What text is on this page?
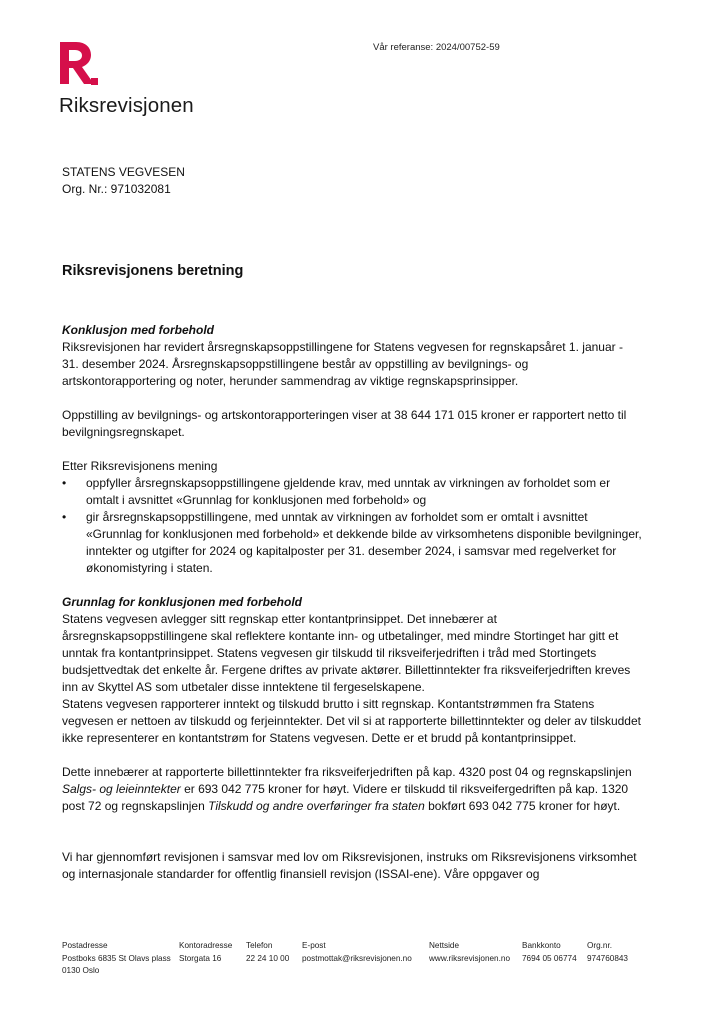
Riksrevisjonen
Vår referanse: 2024/00752-59
STATENS VEGVESEN
Org. Nr.: 971032081
Riksrevisjonens beretning

Konklusjon med forbehold

Riksrevisjonen har revidert årsregnskapsoppstillingene for Statens vegvesen for regnskapsåret 1. januar - 31. desember 2024. Årsregnskapsoppstillingene består av oppstilling av bevilgnings- og artskontorapportering og noter, herunder sammendrag av viktige regnskapsprinsipper.

Oppstilling av bevilgnings- og artskontorapporteringen viser at 38 644 171 015 kroner er rapportert netto til bevilgningsregnskapet.

Etter Riksrevisjonens mening

• oppfyller årsregnskapsoppstillingene gjeldende krav, med unntak av virkningen av forholdet som er omtalt i avsnittet «Grunnlag for konklusjonen med forbehold» og
• gir årsregnskapsoppstillingene, med unntak av virkningen av forholdet som er omtalt i avsnittet «Grunnlag for konklusjonen med forbehold» et dekkende bilde av virksomhetens disponible bevilgninger, inntekter og utgifter for 2024 og kapitalposter per 31. desember 2024, i samsvar med regelverket for økonomistyring i staten.

Grunnlag for konklusjonen med forbehold

Statens vegvesen avlegger sitt regnskap etter kontantprinsippet. Det innebærer at årsregnskapsoppstillingene skal reflektere kontante inn- og utbetalinger, med mindre Stortinget har gitt et unntak fra kontantprinsippet. Statens vegvesen gir tilskudd til riksveiferjedriften i tråd med Stortingets budsjettvedtak det enkelte år. Fergene driftes av private aktører. Billettinntekter fra riksveiferjedriften kreves inn av Skyttel AS som utbetaler disse inntektene til fergeselskapene.

Statens vegvesen rapporterer inntekt og tilskudd brutto i sitt regnskap. Kontantstrømmen fra Statens vegvesen er nettoen av tilskudd og ferjeinntekter. Det vil si at rapporterte billettinntekter og deler av tilskuddet ikke representerer en kontantstrøm for Statens vegvesen. Dette er et brudd på kontantprinsippet.

Dette innebærer at rapporterte billettinntekter fra riksveiferjedriften på kap. 4320 post 04 og regnskapslinjen Salgs- og leieinntekter er 693 042 775 kroner for høyt. Videre er tilskudd til riksveifergedriften på kap. 1320 post 72 og regnskapslinjen Tilskudd og andre overføringer fra staten bokført 693 042 775 kroner for høyt.

Vi har gjennomført revisjonen i samsvar med lov om Riksrevisjonen, instruks om Riksrevisjonens virksomhet og internasjonale standarder for offentlig finansiell revisjon (ISSAI-ene). Våre oppgaver og

Postadresse
Postboks 6835 St Olavs plass
0130 Oslo
Kontoradresse
Storgata 16
Telefon
22 24 10 00
E-post
postmottak@riksrevisjonen.no
Nettside
www.riksrevisjonen.no
Bankkonto
7694 05 06774
Org.nr.
974760843
